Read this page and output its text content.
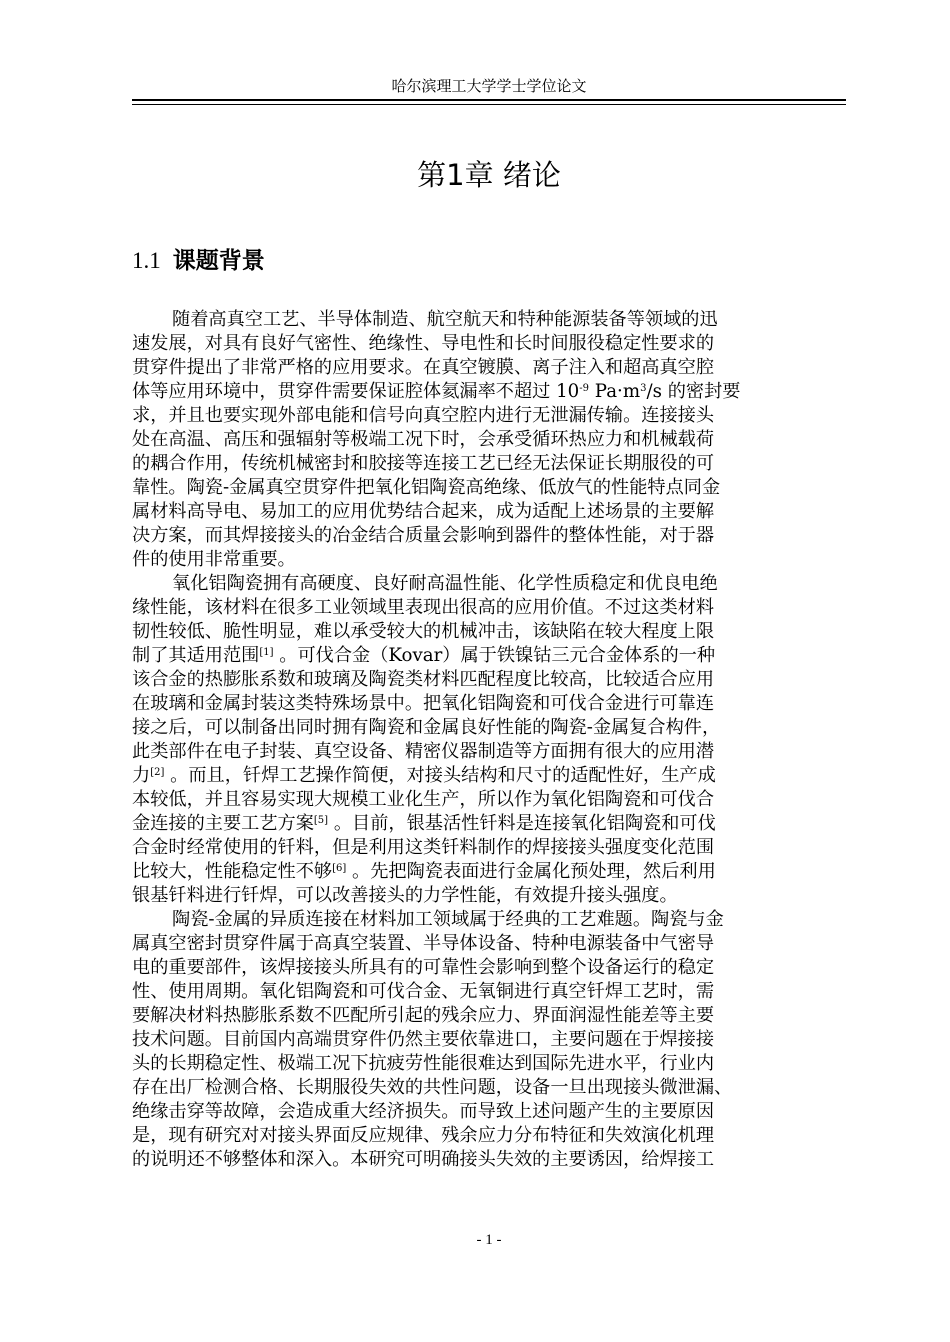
哈尔滨理工大学学士学位论文
第1章 绪论
1.1 课题背景
随着高真空工艺、半导体制造、航空航天和特种能源装备等领域的迅
速发展，对具有良好气密性、绝缘性、导电性和长时间服役稳定性要求的
贯穿件提出了非常严格的应用要求。在真空镀膜、离子注入和超高真空腔
体等应用环境中，贯穿件需要保证腔体氦漏率不超过 $10^{-9}$ $Pa\cdot m^3/s$ 的密封要
求，并且也要实现外部电能和信号向真空腔内进行无泄漏传输。连接接头
处在高温、高压和强辐射等极端工况下时，会承受循环热应力和机械载荷
的耦合作用，传统机械密封和胶接等连接工艺已经无法保证长期服役的可
靠性。陶瓷-金属真空贯穿件把氧化铝陶瓷高绝缘、低放气的性能特点同金
属材料高导电、易加工的应用优势结合起来，成为适配上述场景的主要解
决方案，而其焊接接头的冶金结合质量会影响到器件的整体性能，对于器
件的使用非常重要。
氧化铝陶瓷拥有高硬度、良好耐高温性能、化学性质稳定和优良电绝
缘性能，该材料在很多工业领域里表现出很高的应用价值。不过这类材料
韧性较低、脆性明显，难以承受较大的机械冲击，该缺陷在较大程度上限
制了其适用范围[1] 。可伐合金（Kovar）属于铁镍钴三元合金体系的一种
该合金的热膨胀系数和玻璃及陶瓷类材料匹配程度比较高，比较适合应用
在玻璃和金属封装这类特殊场景中。把氧化铝陶瓷和可伐合金进行可靠连
接之后，可以制备出同时拥有陶瓷和金属良好性能的陶瓷-金属复合构件，
此类部件在电子封装、真空设备、精密仪器制造等方面拥有很大的应用潜
力[2] 。而且，钎焊工艺操作简便，对接头结构和尺寸的适配性好，生产成
本较低，并且容易实现大规模工业化生产，所以作为氧化铝陶瓷和可伐合
金连接的主要工艺方案[5] 。目前，银基活性钎料是连接氧化铝陶瓷和可伐
合金时经常使用的钎料，但是利用这类钎料制作的焊接接头强度变化范围
比较大，性能稳定性不够[6] 。先把陶瓷表面进行金属化预处理，然后利用
银基钎料进行钎焊，可以改善接头的力学性能，有效提升接头强度。
陶瓷-金属的异质连接在材料加工领域属于经典的工艺难题。陶瓷与金
属真空密封贯穿件属于高真空装置、半导体设备、特种电源装备中气密导
电的重要部件，该焊接接头所具有的可靠性会影响到整个设备运行的稳定
性、使用周期。氧化铝陶瓷和可伐合金、无氧铜进行真空钎焊工艺时，需
要解决材料热膨胀系数不匹配所引起的残余应力、界面润湿性能差等主要
技术问题。目前国内高端贯穿件仍然主要依靠进口，主要问题在于焊接接
头的长期稳定性、极端工况下抗疲劳性能很难达到国际先进水平，行业内
存在出厂检测合格、长期服役失效的共性问题，设备一旦出现接头微泄漏、
绝缘击穿等故障，会造成重大经济损失。而导致上述问题产生的主要原因
是，现有研究对对接头界面反应规律、残余应力分布特征和失效演化机理
的说明还不够整体和深入。本研究可明确接头失效的主要诱因，给焊接工
- 1 -
